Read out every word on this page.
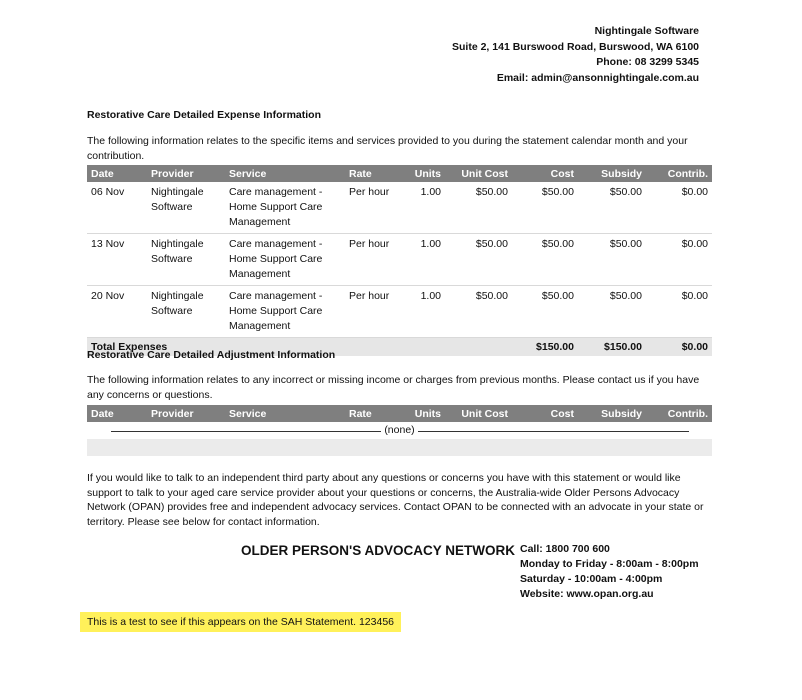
Nightingale Software
Suite 2, 141 Burswood Road, Burswood, WA 6100
Phone: 08 3299 5345
Email: admin@ansonnightingale.com.au
Restorative Care Detailed Expense Information
The following information relates to the specific items and services provided to you during the statement calendar month and your contribution.
Date	Provider	Service	Rate	Units	Unit Cost	Cost	Subsidy	Contrib.
06 Nov	Nightingale Software	Care management - Home Support Care Management	Per hour	1.00	$50.00	$50.00	$50.00	$0.00
13 Nov	Nightingale Software	Care management - Home Support Care Management	Per hour	1.00	$50.00	$50.00	$50.00	$0.00
20 Nov	Nightingale Software	Care management - Home Support Care Management	Per hour	1.00	$50.00	$50.00	$50.00	$0.00
Total Expenses						$150.00	$150.00	$0.00
Restorative Care Detailed Adjustment Information
The following information relates to any incorrect or missing income or charges from previous months. Please contact us if you have any concerns or questions.
Date	Provider	Service	Rate	Units	Unit Cost	Cost	Subsidy	Contrib.
(none)
If you would like to talk to an independent third party about any questions or concerns you have with this statement or would like support to talk to your aged care service provider about your questions or concerns, the Australia-wide Older Persons Advocacy Network (OPAN) provides free and independent advocacy services. Contact OPAN to be connected with an advocate in your state or territory. Please see below for contact information.
OLDER PERSON'S ADVOCACY NETWORK Call: 1800 700 600
Monday to Friday - 8:00am - 8:00pm
Saturday - 10:00am - 4:00pm
Website: www.opan.org.au
This is a test to see if this appears on the SAH Statement. 123456
